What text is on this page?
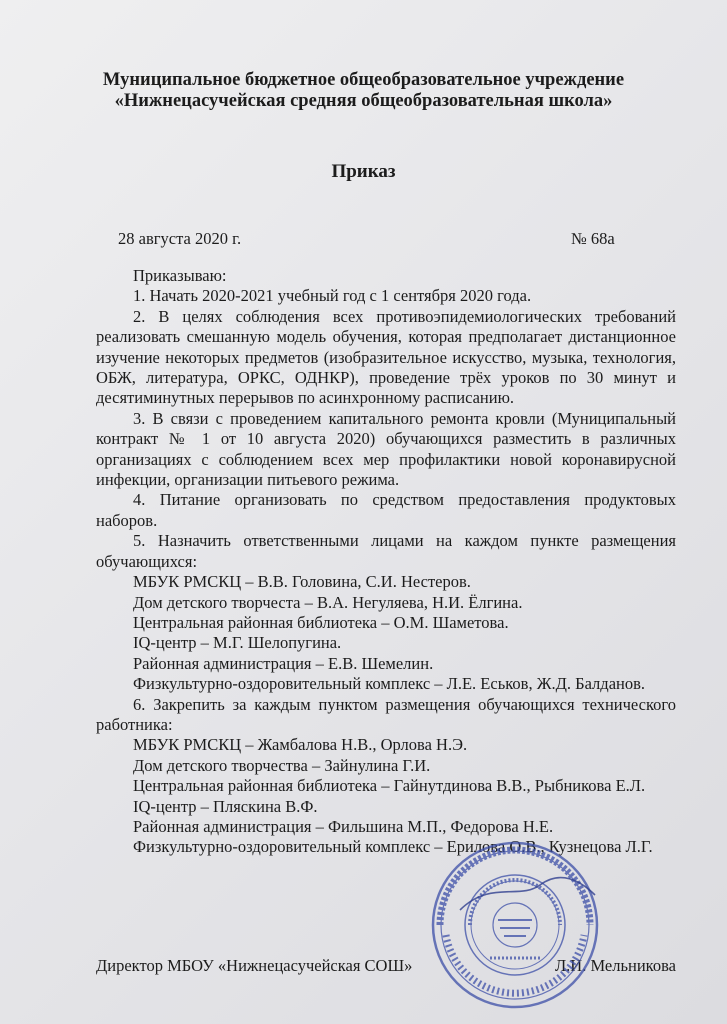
Муниципальное бюджетное общеобразовательное учреждение
«Нижнецасучейская средняя общеобразовательная школа»
Приказ
28 августа 2020 г.	№ 68а

Приказываю:

1. Начать 2020-2021 учебный год с 1 сентября 2020 года.

2. В целях соблюдения всех противоэпидемиологических требований реализовать смешанную модель обучения, которая предполагает дистанционное изучение некоторых предметов (изобразительное искусство, музыка, технология, ОБЖ, литература, ОРКС, ОДНКР), проведение трёх уроков по 30 минут и десятиминутных перерывов по асинхронному расписанию.

3. В связи с проведением капитального ремонта кровли (Муниципальный контракт № 1 от 10 августа 2020) обучающихся разместить в различных организациях с соблюдением всех мер профилактики новой коронавирусной инфекции, организации питьевого режима.

4. Питание организовать по средством предоставления продуктовых наборов.

5. Назначить ответственными лицами на каждом пункте размещения обучающихся:

МБУК РМСКЦ – В.В. Головина, С.И. Нестеров.

Дом детского творчеста – В.А. Негуляева, Н.И. Ёлгина.

Центральная районная библиотека – О.М. Шаметова.

IQ-центр – М.Г. Шелопугина.

Районная администрация – Е.В. Шемелин.

Физкультурно-оздоровительный комплекс – Л.Е. Еськов, Ж.Д. Балданов.

6. Закрепить за каждым пунктом размещения обучающихся технического работника:

МБУК РМСКЦ – Жамбалова Н.В., Орлова Н.Э.

Дом детского творчества – Зайнулина Г.И.

Центральная районная библиотека – Гайнутдинова В.В., Рыбникова Е.Л.

IQ-центр – Пляскина В.Ф.

Районная администрация – Фильшина М.П., Федорова Н.Е.

Физкультурно-оздоровительный комплекс – Ерилова О.В., Кузнецова Л.Г.

Директор МБОУ «Нижнецасучейская СОШ»	Л.И. Мельникова
